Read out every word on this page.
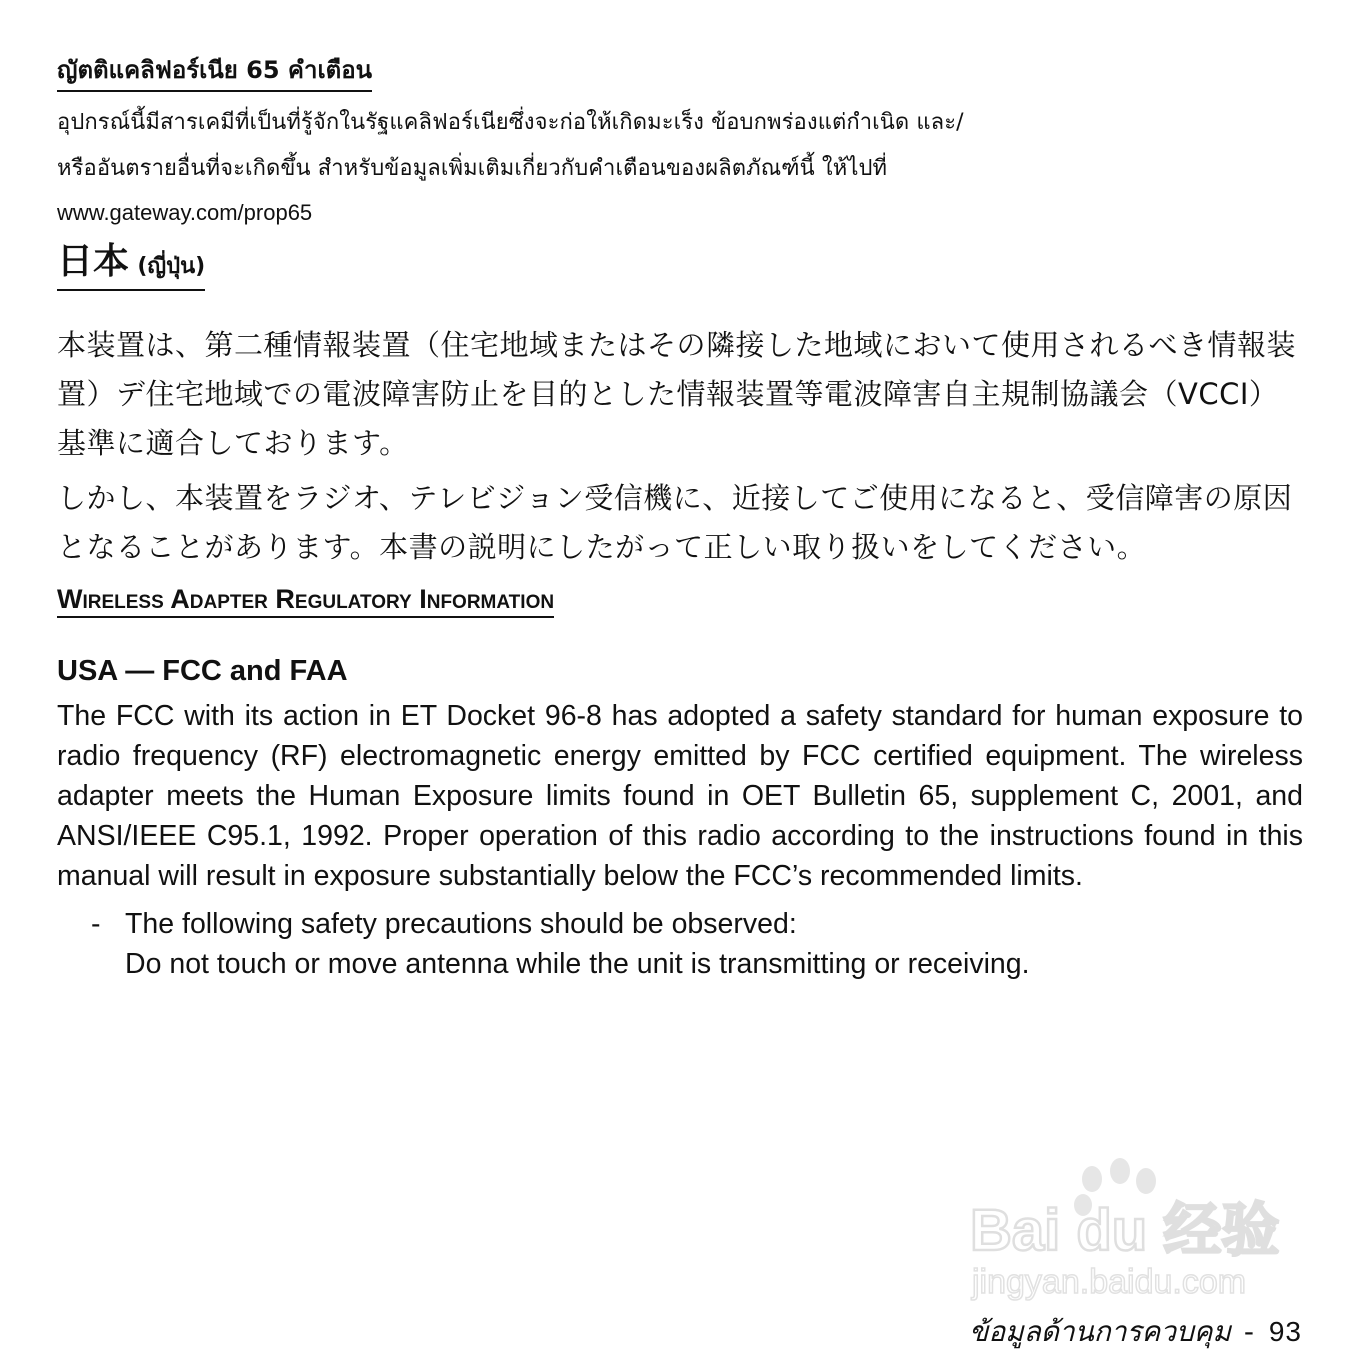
ญัตติแคลิฟอร์เนีย 65 คำเตือน

อุปกรณ์นี้มีสารเคมีที่เป็นที่รู้จักในรัฐแคลิฟอร์เนียซึ่งจะก่อให้เกิดมะเร็ง ข้อบกพร่องแต่กำเนิด และ/
หรืออันตรายอื่นที่จะเกิดขึ้น สำหรับข้อมูลเพิ่มเติมเกี่ยวกับคำเตือนของผลิตภัณฑ์นี้ ให้ไปที่

www.gateway.com/prop65

日本 (ญี่ปุ่น)

本装置は、第二種情報装置（住宅地域またはその隣接した地域において使用されるべき情報装置）デ住宅地域での電波障害防止を目的とした情報装置等電波障害自主規制協議会（VCCI）基準に適合しております。

しかし、本装置をラジオ、テレビジョン受信機に、近接してご使用になると、受信障害の原因となることがあります。本書の説明にしたがって正しい取り扱いをしてください。

Wireless Adapter Regulatory Information
USA — FCC and FAA

The FCC with its action in ET Docket 96-8 has adopted a safety standard for human exposure to radio frequency (RF) electromagnetic energy emitted by FCC certified equipment. The wireless adapter meets the Human Exposure limits found in OET Bulletin 65, supplement C, 2001, and ANSI/IEEE C95.1, 1992. Proper operation of this radio according to the instructions found in this manual will result in exposure substantially below the FCC’s recommended limits.

- The following safety precautions should be observed:
Do not touch or move antenna while the unit is transmitting or receiving.
Bai du 经验
jingyan.baidu.com
ข้อมูลด้านการควบคุม - 93
